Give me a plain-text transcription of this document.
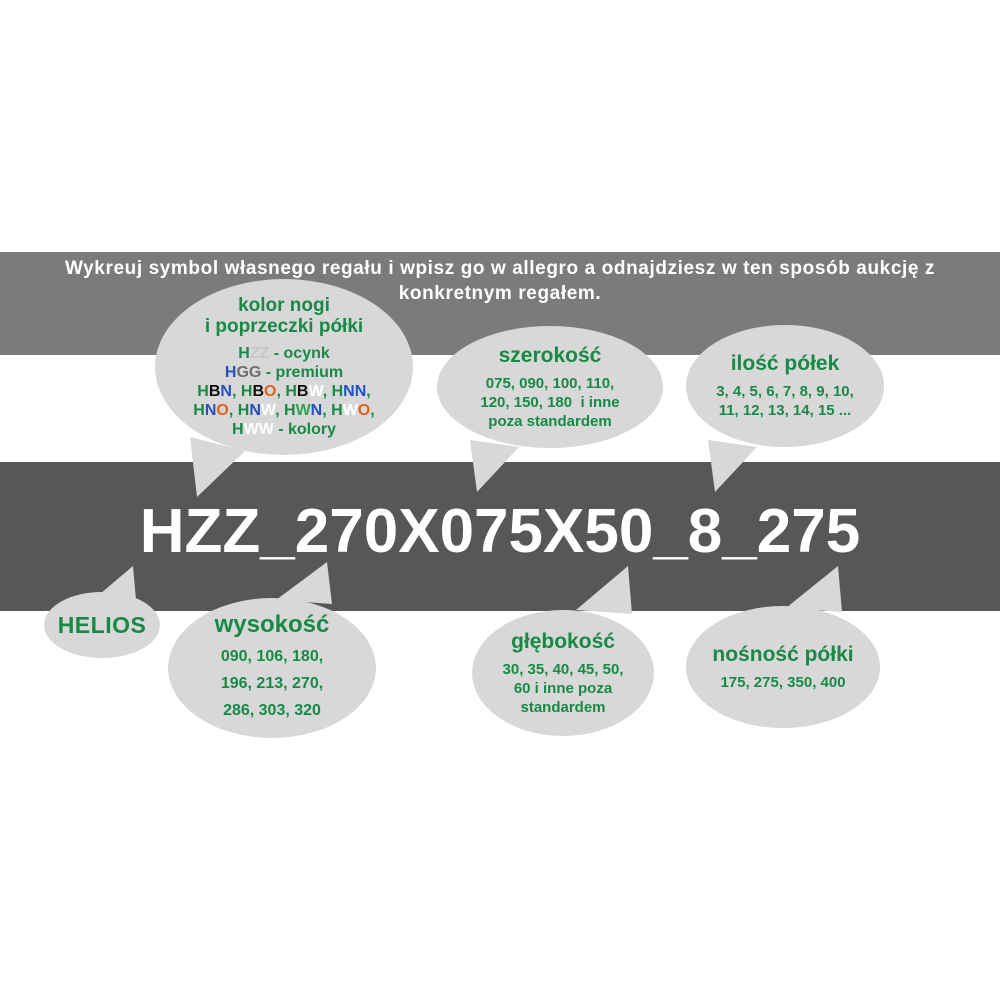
Wykreuj symbol własnego regału i wpisz go w allegro a odnajdziesz w ten sposób aukcję z
konkretnym regałem.
HZZ_270X075X50_8_275
kolor nogi
i poprzeczki półki
HZZ - ocynk
HGG - premium
HBN, HBO, HBW, HNN,
HNO, HNW, HWN, HWO,
HWW - kolory
szerokość
075, 090, 100, 110,
120, 150, 180  i inne
poza standardem
ilość półek
3, 4, 5, 6, 7, 8, 9, 10,
11, 12, 13, 14, 15 ...
HELIOS	wysokość
090, 106, 180,
196, 213, 270,
286, 303, 320
głębokość
30, 35, 40, 45, 50,
60 i inne poza
standardem
nośność półki
175, 275, 350, 400
